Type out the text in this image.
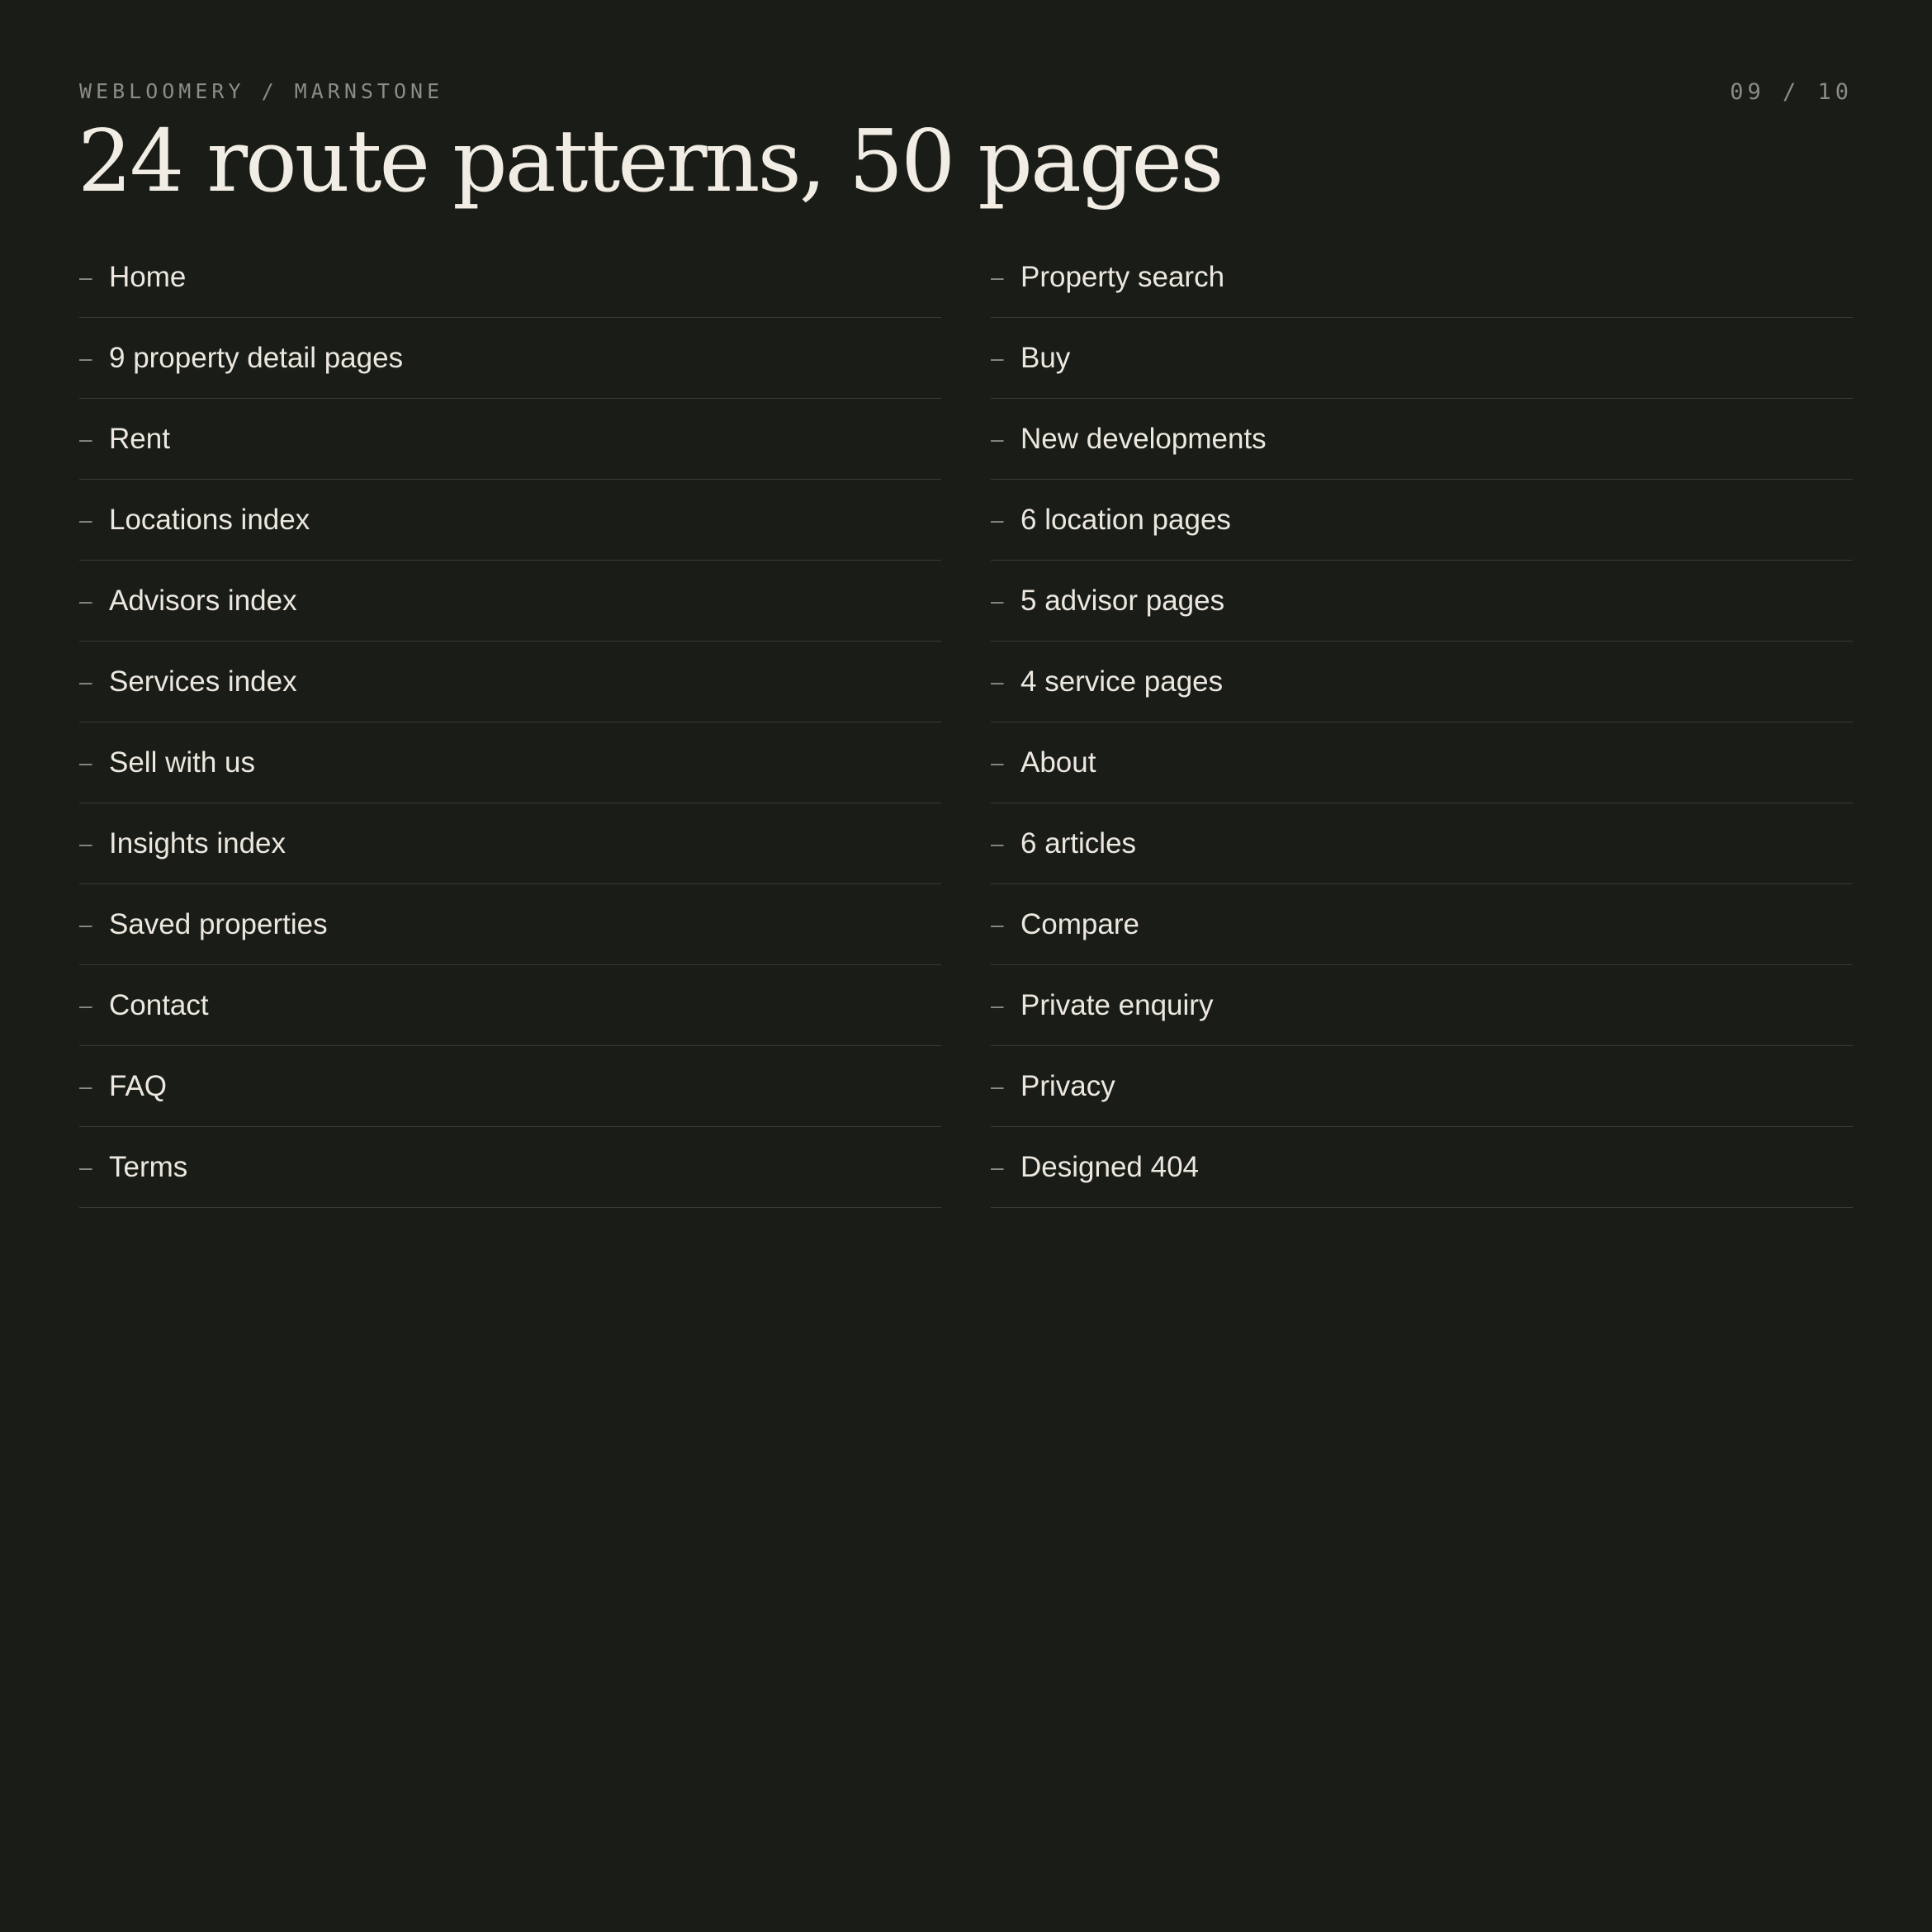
WEBLOOMERY / MARNSTONE	09 / 10
24 route patterns, 50 pages
– Home
– 9 property detail pages
– Rent
– Locations index
– Advisors index
– Services index
– Sell with us
– Insights index
– Saved properties
– Contact
– FAQ
– Terms
– Property search
– Buy
– New developments
– 6 location pages
– 5 advisor pages
– 4 service pages
– About
– 6 articles
– Compare
– Private enquiry
– Privacy
– Designed 404
